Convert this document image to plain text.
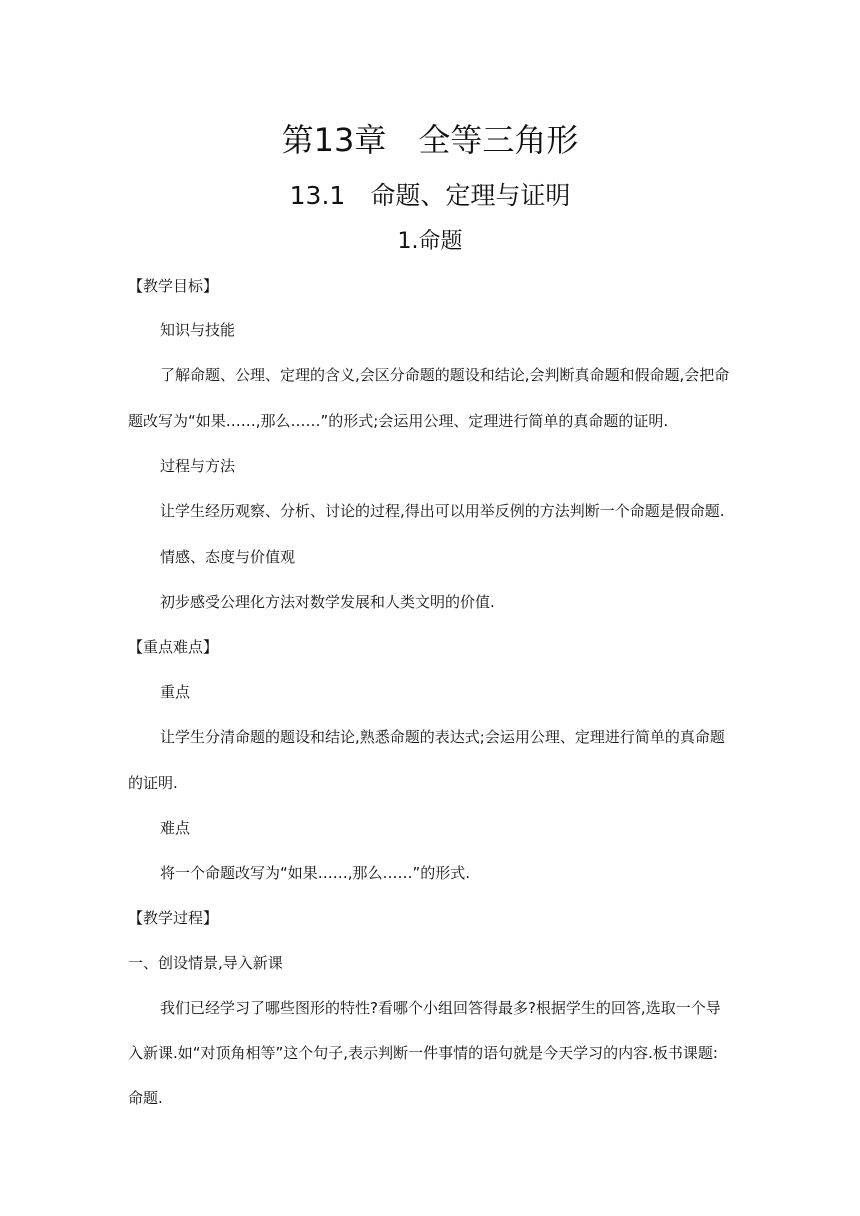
第13章　全等三角形
13.1　命题、定理与证明
1.命题
【教学目标】
知识与技能
了解命题、公理、定理的含义,会区分命题的题设和结论,会判断真命题和假命题,会把命
题改写为“如果……,那么……”的形式;会运用公理、定理进行简单的真命题的证明.
过程与方法
让学生经历观察、分析、讨论的过程,得出可以用举反例的方法判断一个命题是假命题.
情感、态度与价值观
初步感受公理化方法对数学发展和人类文明的价值.
【重点难点】
重点
让学生分清命题的题设和结论,熟悉命题的表达式;会运用公理、定理进行简单的真命题
的证明.
难点
将一个命题改写为“如果……,那么……”的形式.
【教学过程】
一、创设情景,导入新课
我们已经学习了哪些图形的特性?看哪个小组回答得最多?根据学生的回答,选取一个导
入新课.如“对顶角相等”这个句子,表示判断一件事情的语句就是今天学习的内容.板书课题:
命题.
